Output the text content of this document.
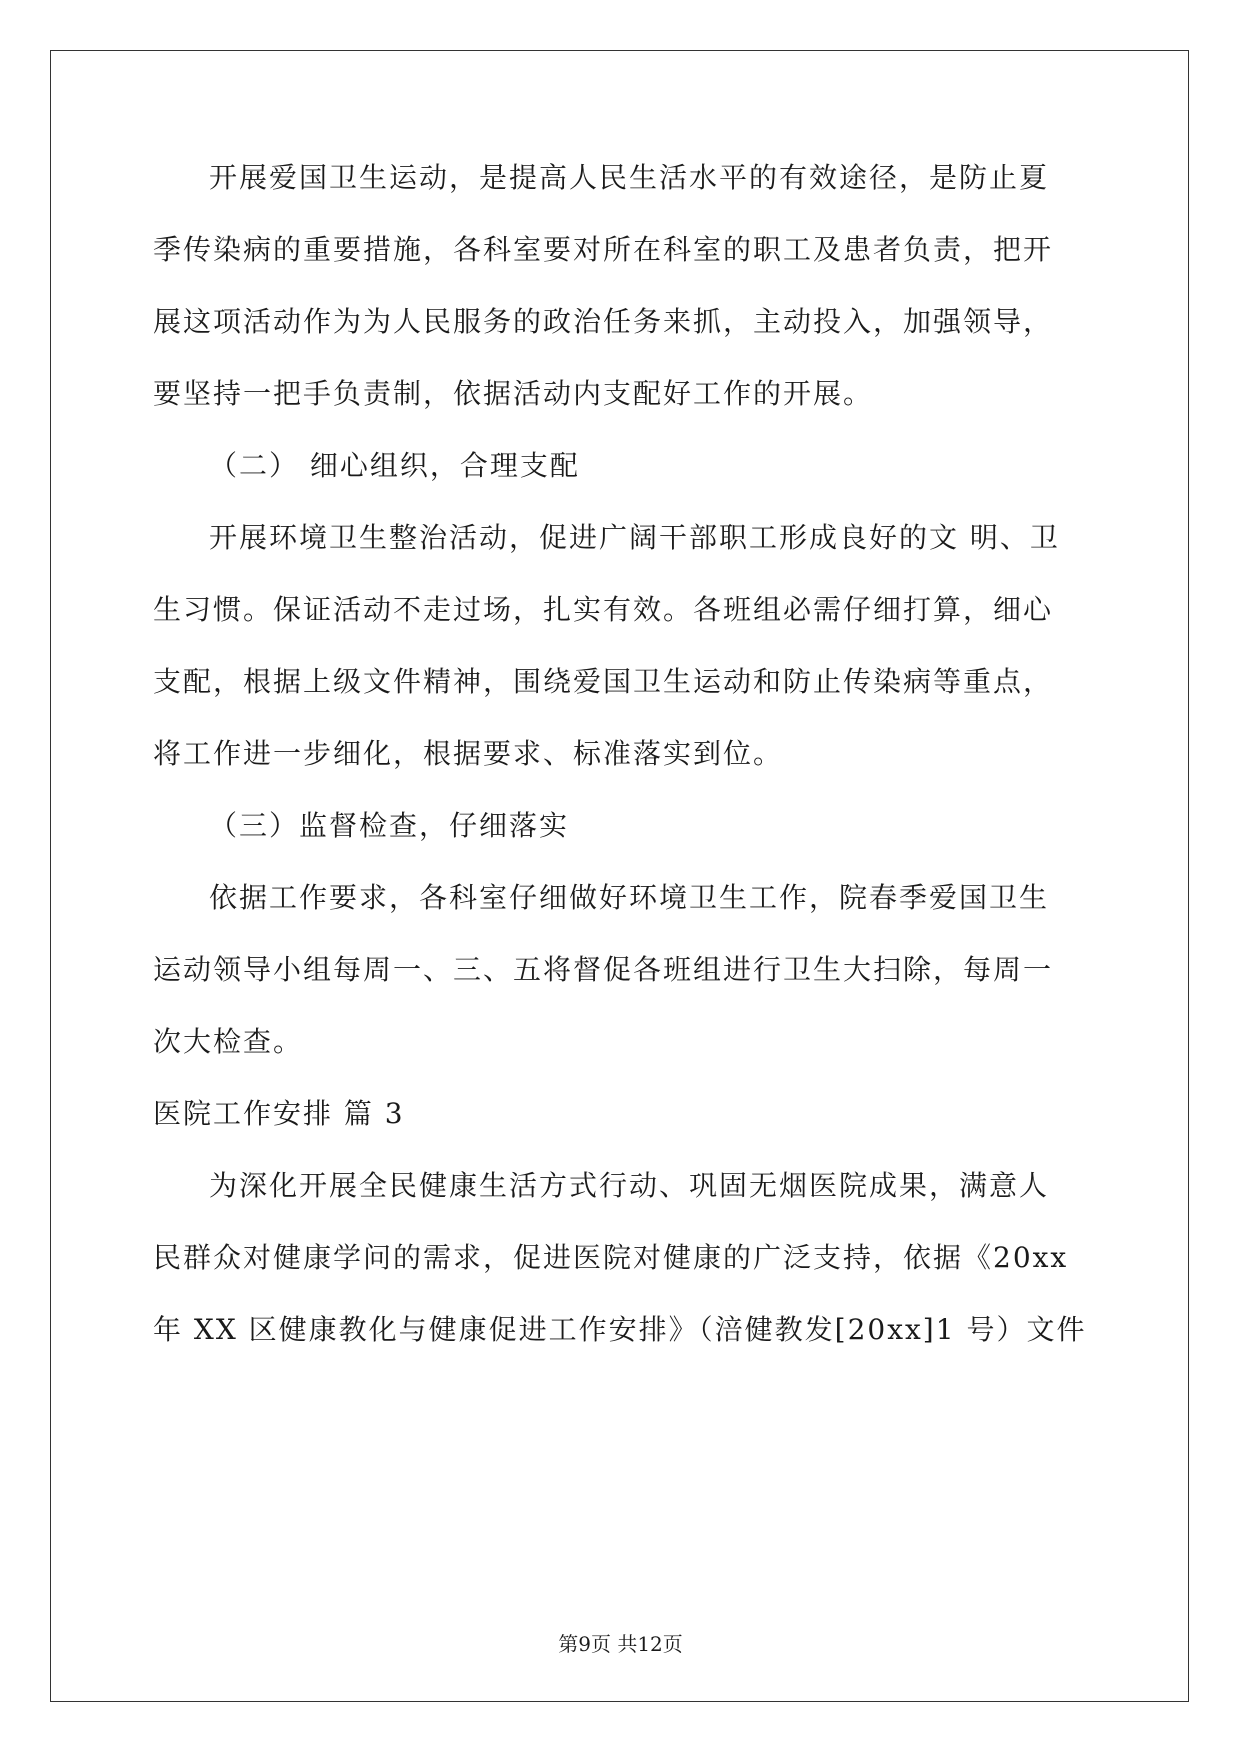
开展爱国卫生运动，是提高人民生活水平的有效途径，是防止夏
季传染病的重要措施，各科室要对所在科室的职工及患者负责，把开
展这项活动作为为人民服务的政治任务来抓，主动投入，加强领导，
要坚持一把手负责制，依据活动内支配好工作的开展。
（二） 细心组织，合理支配
开展环境卫生整治活动，促进广阔干部职工形成良好的文 明、卫
生习惯。保证活动不走过场，扎实有效。各班组必需仔细打算，细心
支配，根据上级文件精神，围绕爱国卫生运动和防止传染病等重点，
将工作进一步细化，根据要求、标准落实到位。
（三）监督检查，仔细落实
依据工作要求，各科室仔细做好环境卫生工作，院春季爱国卫生
运动领导小组每周一、三、五将督促各班组进行卫生大扫除，每周一
次大检查。
医院工作安排 篇 3
为深化开展全民健康生活方式行动、巩固无烟医院成果，满意人
民群众对健康学问的需求，促进医院对健康的广泛支持，依据《20xx
年 XX 区健康教化与健康促进工作安排》（涪健教发[20xx]1 号）文件
第9页 共12页
